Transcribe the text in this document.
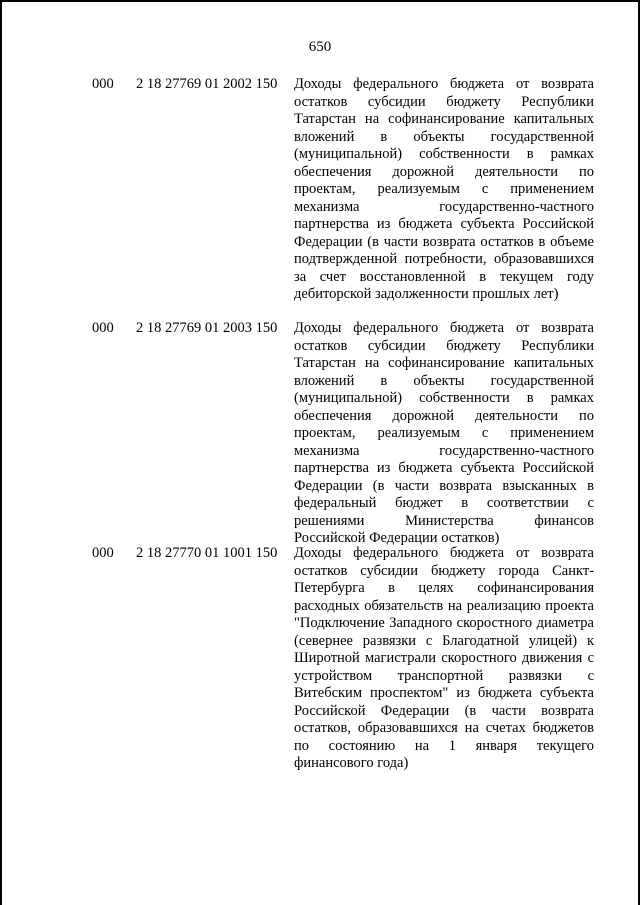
650
000 2 18 27769 01 2002 150 Доходы федерального бюджета от возврата остатков субсидии бюджету Республики Татарстан на софинансирование капитальных вложений в объекты государственной (муниципальной) собственности в рамках обеспечения дорожной деятельности по проектам, реализуемым с применением механизма государственно-частного партнерства из бюджета субъекта Российской Федерации (в части возврата остатков в объеме подтвержденной потребности, образовавшихся за счет восстановленной в текущем году дебиторской задолженности прошлых лет)
000 2 18 27769 01 2003 150 Доходы федерального бюджета от возврата остатков субсидии бюджету Республики Татарстан на софинансирование капитальных вложений в объекты государственной (муниципальной) собственности в рамках обеспечения дорожной деятельности по проектам, реализуемым с применением механизма государственно-частного партнерства из бюджета субъекта Российской Федерации (в части возврата взысканных в федеральный бюджет в соответствии с решениями Министерства финансов Российской Федерации остатков)
000 2 18 27770 01 1001 150 Доходы федерального бюджета от возврата остатков субсидии бюджету города Санкт-Петербурга в целях софинансирования расходных обязательств на реализацию проекта "Подключение Западного скоростного диаметра (севернее развязки с Благодатной улицей) к Широтной магистрали скоростного движения с устройством транспортной развязки с Витебским проспектом" из бюджета субъекта Российской Федерации (в части возврата остатков, образовавшихся на счетах бюджетов по состоянию на 1 января текущего финансового года)
